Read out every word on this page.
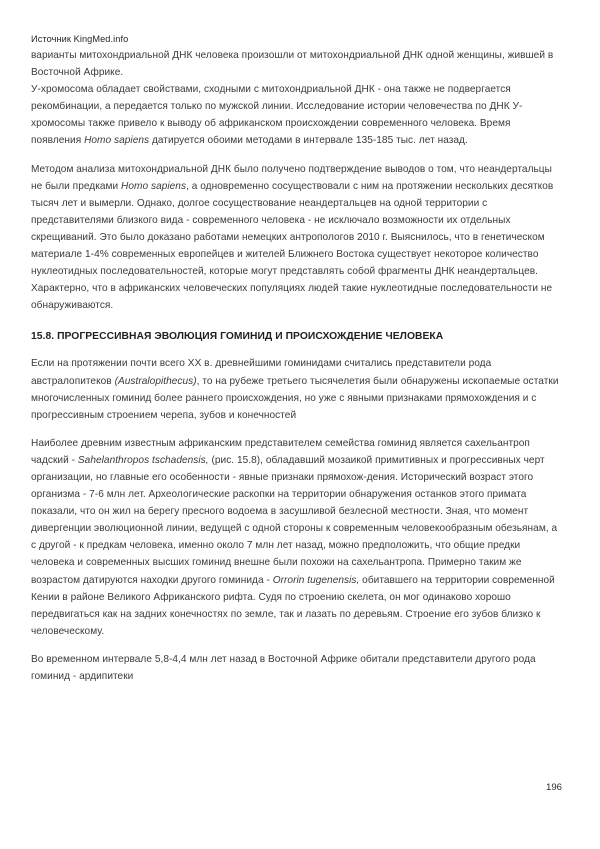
Источник KingMed.info

варианты митохондриальной ДНК человека произошли от митохондриальной ДНК одной женщины, жившей в Восточной Африке.

У-хромосома обладает свойствами, сходными с митохондриальной ДНК - она также не подвергается рекомбинации, а передается только по мужской линии. Исследование истории человечества по ДНК У-хромосомы также привело к выводу об африканском происхождении современного человека. Время появления Homo sapiens датируется обоими методами в интервале 135-185 тыс. лет назад.

Методом анализа митохондриальной ДНК было получено подтверждение выводов о том, что неандертальцы не были предками Homo sapiens, а одновременно сосуществовали с ним на протяжении нескольких десятков тысяч лет и вымерли. Однако, долгое сосуществование неандертальцев на одной территории с представителями близкого вида - современного человека - не исключало возможности их отдельных скрещиваний. Это было доказано работами немецких антропологов 2010 г. Выяснилось, что в генетическом материале 1-4% современных европейцев и жителей Ближнего Востока существует некоторое количество нуклеотидных последовательностей, которые могут представлять собой фрагменты ДНК неандертальцев. Характерно, что в африканских человеческих популяциях людей такие нуклеотидные последовательности не обнаруживаются.

15.8. ПРОГРЕССИВНАЯ ЭВОЛЮЦИЯ ГОМИНИД И ПРОИСХОЖДЕНИЕ ЧЕЛОВЕКА

Если на протяжении почти всего ХХ в. древнейшими гоминидами считались представители рода австралопитеков (Australopithecus), то на рубеже третьего тысячелетия были обнаружены ископаемые остатки многочисленных гоминид более раннего происхождения, но уже с явными признаками прямохождения и с прогрессивным строением черепа, зубов и конечностей

Наиболее древним известным африканским представителем семейства гоминид является сахельантроп чадский - Sahelanthropos tschadensis, (рис. 15.8), обладавший мозаикой примитивных и прогрессивных черт организации, но главные его особенности - явные признаки прямохож-дения. Исторический возраст этого организма - 7-6 млн лет. Археологические раскопки на территории обнаружения останков этого примата показали, что он жил на берегу пресного водоема в засушливой безлесной местности. Зная, что момент дивергенции эволюционной линии, ведущей с одной стороны к современным человекообразным обезьянам, а с другой - к предкам человека, именно около 7 млн лет назад, можно предположить, что общие предки человека и современных высших гоминид внешне были похожи на сахельантропа. Примерно таким же возрастом датируются находки другого гоминида - Orrorin tugenensis, обитавшего на территории современной Кении в районе Великого Африканского рифта. Судя по строению скелета, он мог одинаково хорошо передвигаться как на задних конечностях по земле, так и лазать по деревьям. Строение его зубов близко к человеческому.

Во временном интервале 5,8-4,4 млн лет назад в Восточной Африке обитали представители другого рода гоминид - ардипитеки

196
